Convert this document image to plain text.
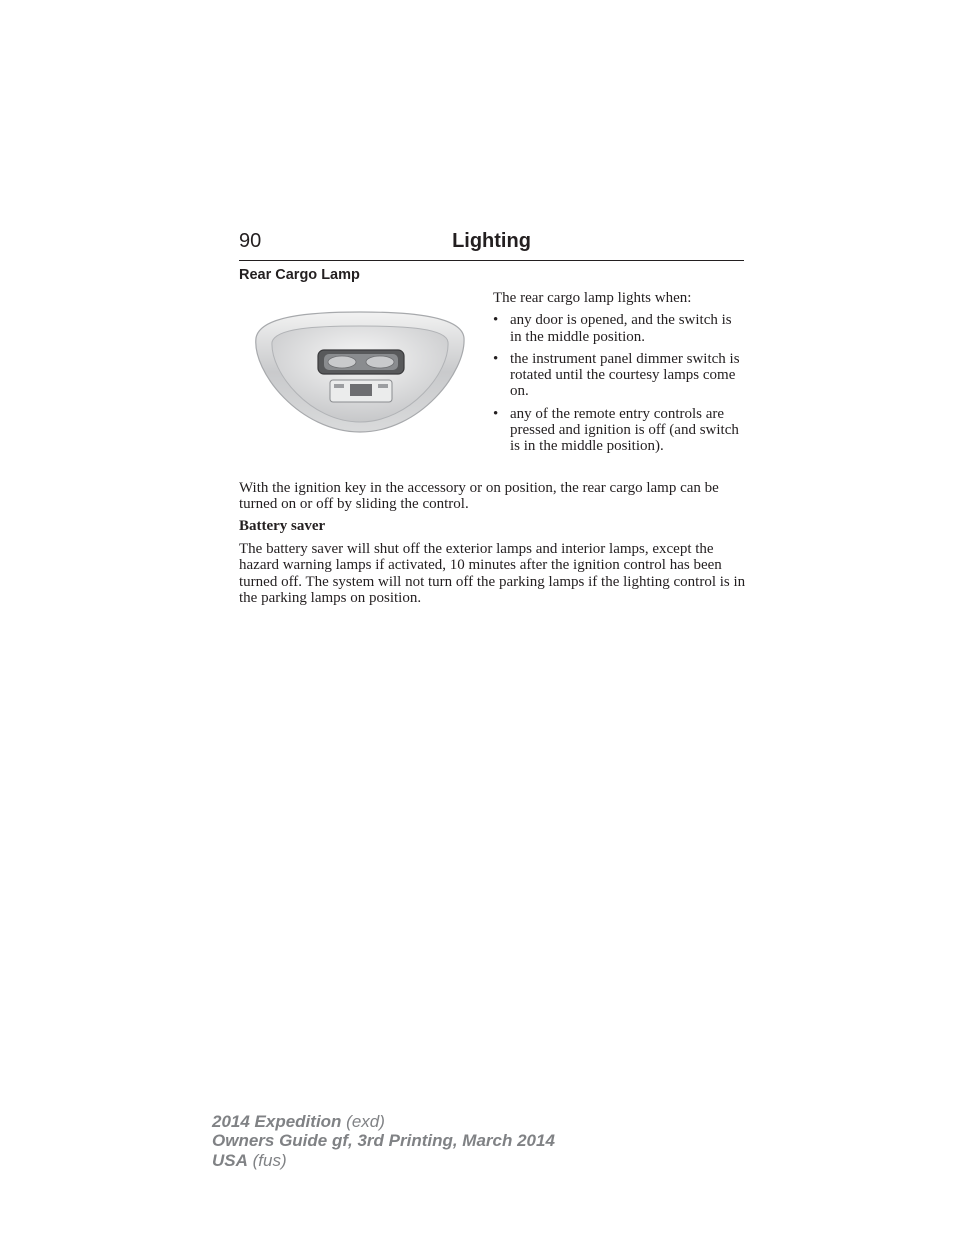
90	Lighting
Rear Cargo Lamp

The rear cargo lamp lights when:

• any door is opened, and the switch is in the middle position.
• the instrument panel dimmer switch is rotated until the courtesy lamps come on.
• any of the remote entry controls are pressed and ignition is off (and switch is in the middle position).

With the ignition key in the accessory or on position, the rear cargo lamp can be turned on or off by sliding the control.

Battery saver

The battery saver will shut off the exterior lamps and interior lamps, except the hazard warning lamps if activated, 10 minutes after the ignition control has been turned off. The system will not turn off the parking lamps if the lighting control is in the parking lamps on position.

2014 Expedition (exd)
Owners Guide gf, 3rd Printing, March 2014
USA (fus)
